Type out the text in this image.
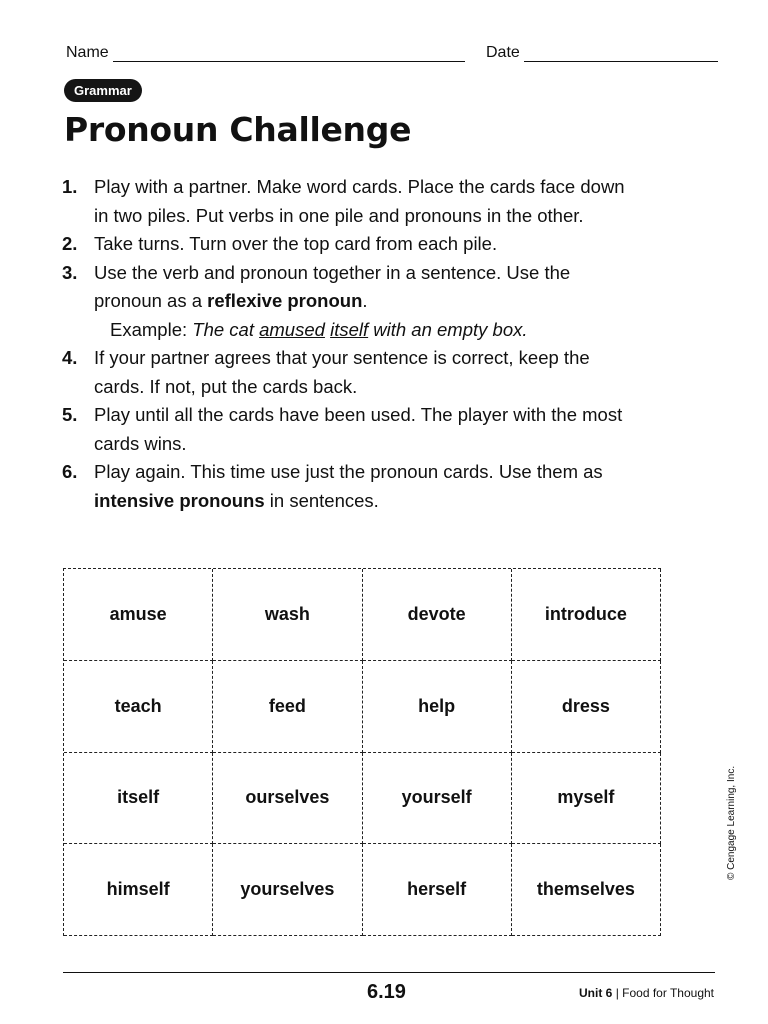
Name	Date
Grammar
Pronoun Challenge
1. Play with a partner. Make word cards. Place the cards face down in two piles. Put verbs in one pile and pronouns in the other.
2. Take turns. Turn over the top card from each pile.
3. Use the verb and pronoun together in a sentence. Use the pronoun as a reflexive pronoun.
Example: The cat amused itself with an empty box.
4. If your partner agrees that your sentence is correct, keep the cards. If not, put the cards back.
5. Play until all the cards have been used. The player with the most cards wins.
6. Play again. This time use just the pronoun cards. Use them as intensive pronouns in sentences.
amuse	wash	devote	introduce
teach	feed	help	dress
itself	ourselves	yourself	myself
himself	yourselves	herself	themselves
© Cengage Learning, Inc.
6.19	Unit 6 | Food for Thought
